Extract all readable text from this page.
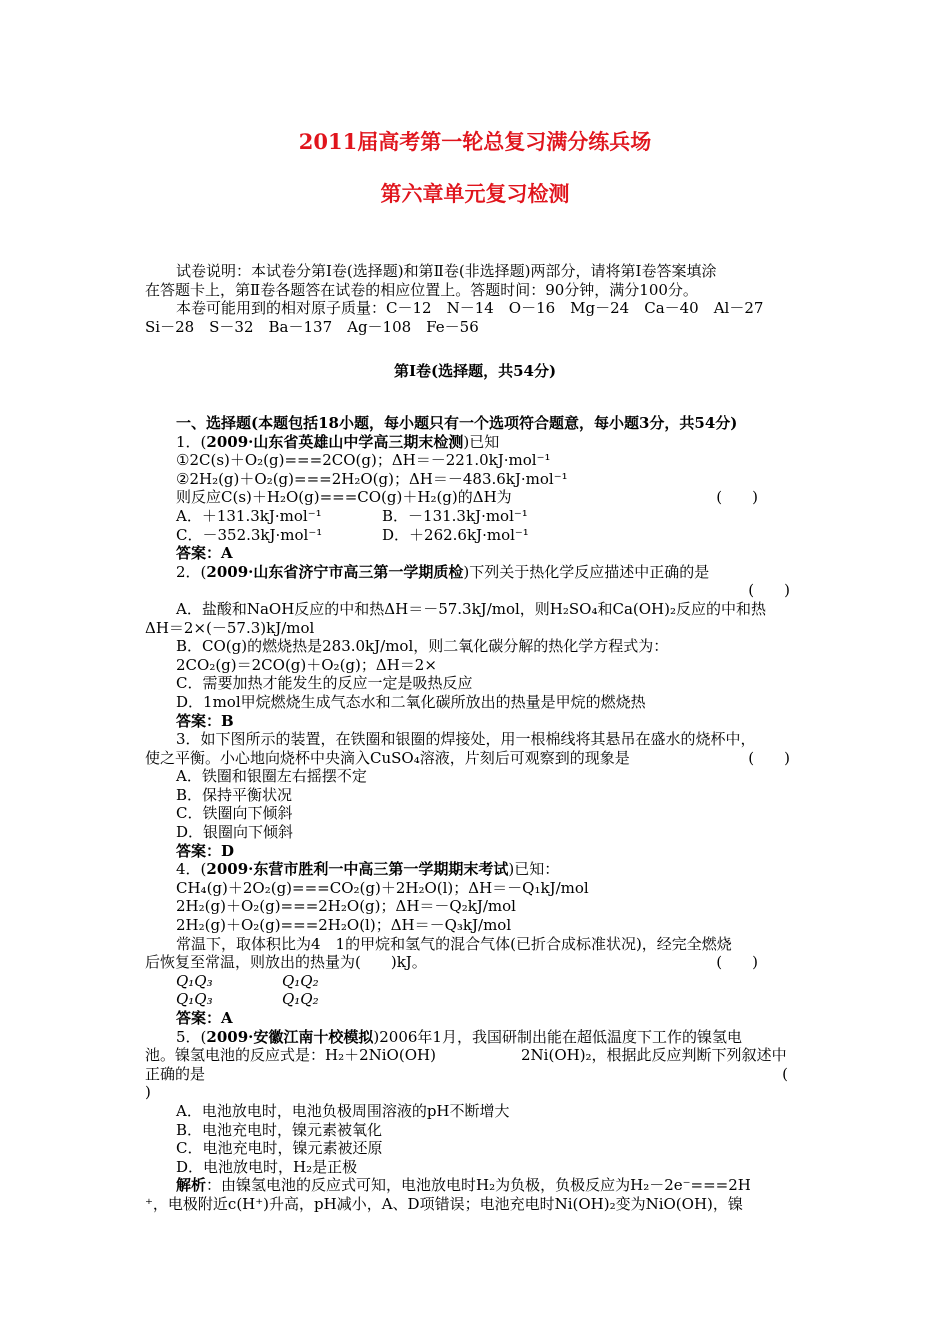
2011届高考第一轮总复习满分练兵场
第六章单元复习检测
试卷说明：本试卷分第Ⅰ卷(选择题)和第Ⅱ卷(非选择题)两部分，请将第Ⅰ卷答案填涂
在答题卡上，第Ⅱ卷各题答在试卷的相应位置上。答题时间：90分钟，满分100分。
本卷可能用到的相对原子质量：C－12　N－14　O－16　Mg－24　Ca－40　Al－27
Si－28　S－32　Ba－137　Ag－108　Fe－56
第Ⅰ卷(选择题，共54分)
一、选择题(本题包括18小题，每小题只有一个选项符合题意，每小题3分，共54分)
1．(2009·山东省英雄山中学高三期末检测)已知
①2C(s)＋O₂(g)===2CO(g)；ΔH＝－221.0kJ·mol⁻¹
②2H₂(g)＋O₂(g)===2H₂O(g)；ΔH＝－483.6kJ·mol⁻¹
则反应C(s)＋H₂O(g)===CO(g)＋H₂(g)的ΔH为	(　　)
A．＋131.3kJ·mol⁻¹	B．－131.3kJ·mol⁻¹
C．－352.3kJ·mol⁻¹	D．＋262.6kJ·mol⁻¹
答案：A
2．(2009·山东省济宁市高三第一学期质检)下列关于热化学反应描述中正确的是
(　　)
A．盐酸和NaOH反应的中和热ΔH＝－57.3kJ/mol，则H₂SO₄和Ca(OH)₂反应的中和热
ΔH＝2×(－57.3)kJ/mol
B．CO(g)的燃烧热是283.0kJ/mol，则二氧化碳分解的热化学方程式为：
2CO₂(g)＝2CO(g)＋O₂(g)；ΔH＝2×
C．需要加热才能发生的反应一定是吸热反应
D．1mol甲烷燃烧生成气态水和二氧化碳所放出的热量是甲烷的燃烧热
答案：B
3．如下图所示的装置，在铁圈和银圈的焊接处，用一根棉线将其悬吊在盛水的烧杯中，
使之平衡。小心地向烧杯中央滴入CuSO₄溶液，片刻后可观察到的现象是	(　　)
A．铁圈和银圈左右摇摆不定
B．保持平衡状况
C．铁圈向下倾斜
D．银圈向下倾斜
答案：D
4．(2009·东营市胜利一中高三第一学期期末考试)已知：
CH₄(g)＋2O₂(g)===CO₂(g)＋2H₂O(l)；ΔH＝－Q₁kJ/mol
2H₂(g)＋O₂(g)===2H₂O(g)；ΔH＝－Q₂kJ/mol
2H₂(g)＋O₂(g)===2H₂O(l)；ΔH＝－Q₃kJ/mol
常温下，取体积比为4　1的甲烷和氢气的混合气体(已折合成标准状况)，经完全燃烧
后恢复至常温，则放出的热量为(　　)kJ。	(　　)
Q₁Q₃	Q₁Q₂
Q₁Q₃	Q₁Q₂
答案：A
5．(2009·安徽江南十校模拟)2006年1月，我国研制出能在超低温度下工作的镍氢电
池。镍氢电池的反应式是：H₂＋2NiO(OH)	2Ni(OH)₂，根据此反应判断下列叙述中
正确的是	(
)
A．电池放电时，电池负极周围溶液的pH不断增大
B．电池充电时，镍元素被氧化
C．电池充电时，镍元素被还原
D．电池放电时，H₂是正极
解析：由镍氢电池的反应式可知，电池放电时H₂为负极，负极反应为H₂－2e⁻===2H
⁺，电极附近c(H⁺)升高，pH减小，A、D项错误；电池充电时Ni(OH)₂变为NiO(OH)，镍
